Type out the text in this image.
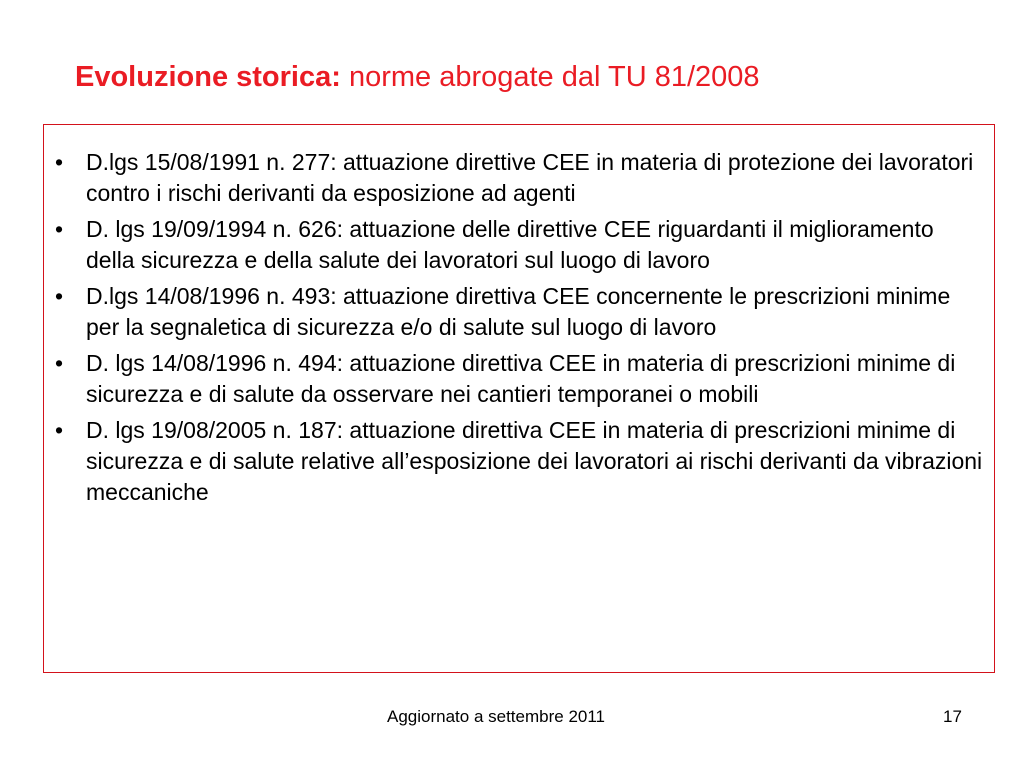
Evoluzione storica: norme abrogate dal TU 81/2008
• D.lgs 15/08/1991 n. 277: attuazione direttive CEE in materia di protezione dei lavoratori contro i rischi derivanti da esposizione ad agenti
• D. lgs 19/09/1994 n. 626: attuazione delle direttive CEE riguardanti il miglioramento della sicurezza e della salute dei lavoratori sul luogo di lavoro
• D.lgs 14/08/1996 n. 493: attuazione direttiva CEE concernente le prescrizioni minime per la segnaletica di sicurezza e/o di salute sul luogo di lavoro
• D. lgs 14/08/1996 n. 494: attuazione direttiva CEE in materia di prescrizioni minime di sicurezza e di salute da osservare nei cantieri temporanei o mobili
• D. lgs 19/08/2005 n. 187: attuazione direttiva CEE in materia di prescrizioni minime di sicurezza e di salute relative all’esposizione dei lavoratori ai rischi derivanti da vibrazioni meccaniche
Aggiornato a settembre 2011	17
